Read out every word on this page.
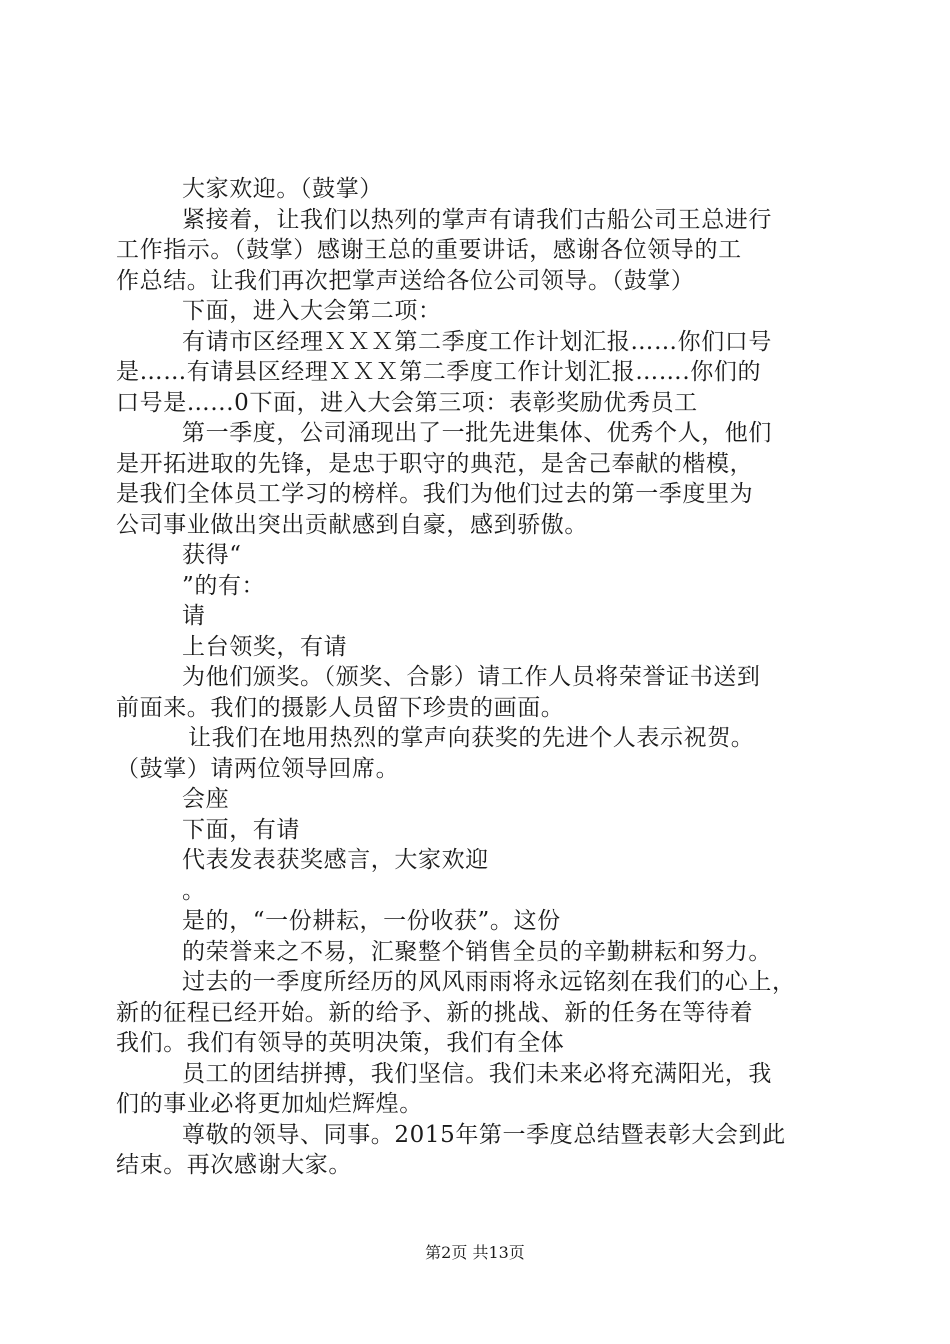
大家欢迎。（鼓掌）
紧接着，让我们以热列的掌声有请我们古船公司王总进行
工作指示。（鼓掌）感谢王总的重要讲话，感谢各位领导的工
作总结。让我们再次把掌声送给各位公司领导。（鼓掌）
下面，进入大会第二项：
有请市区经理ＸＸＸ第二季度工作计划汇报……你们口号
是……有请县区经理ＸＸＸ第二季度工作计划汇报…….你们的
口号是…...0下面，进入大会第三项：表彰奖励优秀员工
第一季度，公司涌现出了一批先进集体、优秀个人，他们
是开拓进取的先锋，是忠于职守的典范，是舍己奉献的楷模，
是我们全体员工学习的榜样。我们为他们过去的第一季度里为
公司事业做出突出贡献感到自豪，感到骄傲。
获得“
”的有：
请
上台领奖，有请
为他们颁奖。（颁奖、合影）请工作人员将荣誉证书送到
前面来。我们的摄影人员留下珍贵的画面。
让我们在地用热烈的掌声向获奖的先进个人表示祝贺。
（鼓掌）请两位领导回席。
会座
下面，有请
代表发表获奖感言，大家欢迎
。
是的，“一份耕耘，一份收获”。这份
的荣誉来之不易，汇聚整个销售全员的辛勤耕耘和努力。
过去的一季度所经历的风风雨雨将永远铭刻在我们的心上，
新的征程已经开始。新的给予、新的挑战、新的任务在等待着
我们。我们有领导的英明决策，我们有全体
员工的团结拼搏，我们坚信。我们未来必将充满阳光，我
们的事业必将更加灿烂辉煌。
尊敬的领导、同事。2015年第一季度总结暨表彰大会到此
结束。再次感谢大家。
第2页 共13页
